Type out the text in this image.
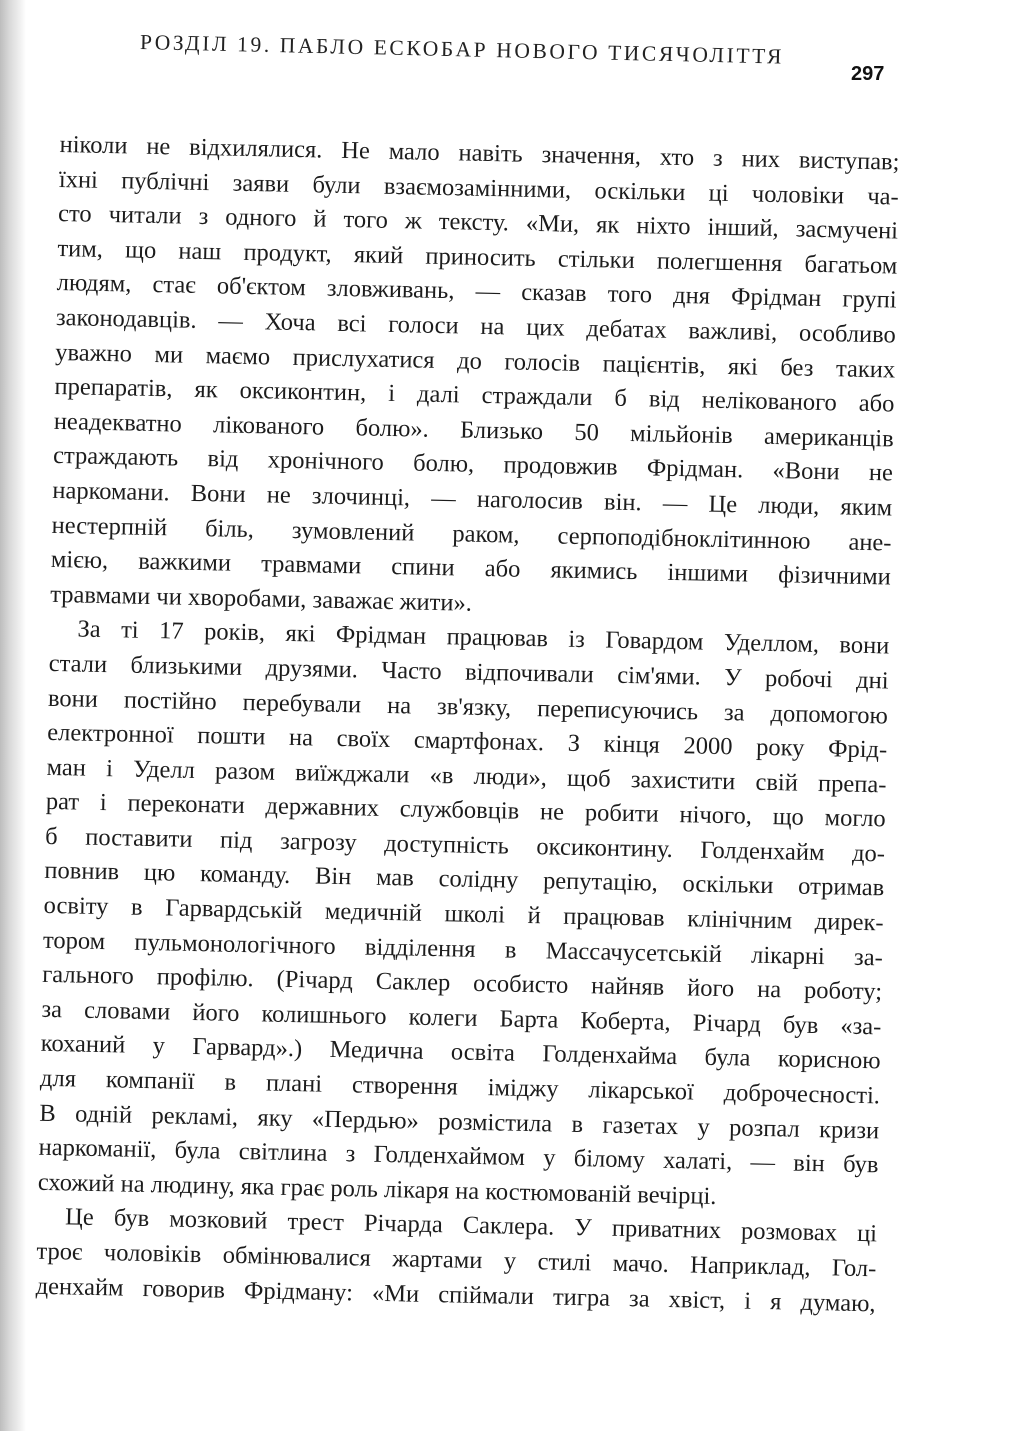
РОЗДІЛ 19. ПАБЛО ЕСКОБАР НОВОГО ТИСЯЧОЛІТТЯ
297
ніколи не відхилялися. Не мало навіть значення, хто з них виступав;
їхні публічні заяви були взаємозамінними, оскільки ці чоловіки ча-
сто читали з одного й того ж тексту. «Ми, як ніхто інший, засмучені
тим, що наш продукт, який приносить стільки полегшення багатьом
людям, стає об'єктом зловживань, — сказав того дня Фрідман групі
законодавців. — Хоча всі голоси на цих дебатах важливі, особливо
уважно ми маємо прислухатися до голосів пацієнтів, які без таких
препаратів, як оксиконтин, і далі страждали б від нелікованого або
неадекватно лікованого болю». Близько 50 мільйонів американців
страждають від хронічного болю, продовжив Фрідман. «Вони не
наркомани. Вони не злочинці, — наголосив він. — Це люди, яким
нестерпній біль, зумовлений раком, серпоподібноклітинною ане-
мією, важкими травмами спини або якимись іншими фізичними
травмами чи хворобами, заважає жити».
За ті 17 років, які Фрідман працював із Говардом Уделлом, вони
стали близькими друзями. Часто відпочивали сім'ями. У робочі дні
вони постійно перебували на зв'язку, переписуючись за допомогою
електронної пошти на своїх смартфонах. З кінця 2000 року Фрід-
ман і Уделл разом виїжджали «в люди», щоб захистити свій препа-
рат і переконати державних службовців не робити нічого, що могло
б поставити під загрозу доступність оксиконтину. Голденхайм до-
повнив цю команду. Він мав солідну репутацію, оскільки отримав
освіту в Гарвардській медичній школі й працював клінічним дирек-
тором пульмонологічного відділення в Массачусетській лікарні за-
гального профілю. (Річард Саклер особисто найняв його на роботу;
за словами його колишнього колеги Барта Коберта, Річард був «за-
коханий у Гарвард».) Медична освіта Голденхайма була корисною
для компанії в плані створення іміджу лікарської доброчесності.
В одній рекламі, яку «Пердью» розмістила в газетах у розпал кризи
наркоманії, була світлина з Голденхаймом у білому халаті, — він був
схожий на людину, яка грає роль лікаря на костюмованій вечірці.
Це був мозковий трест Річарда Саклера. У приватних розмовах ці
троє чоловіків обмінювалися жартами у стилі мачо. Наприклад, Гол-
денхайм говорив Фрідману: «Ми спіймали тигра за хвіст, і я думаю,
